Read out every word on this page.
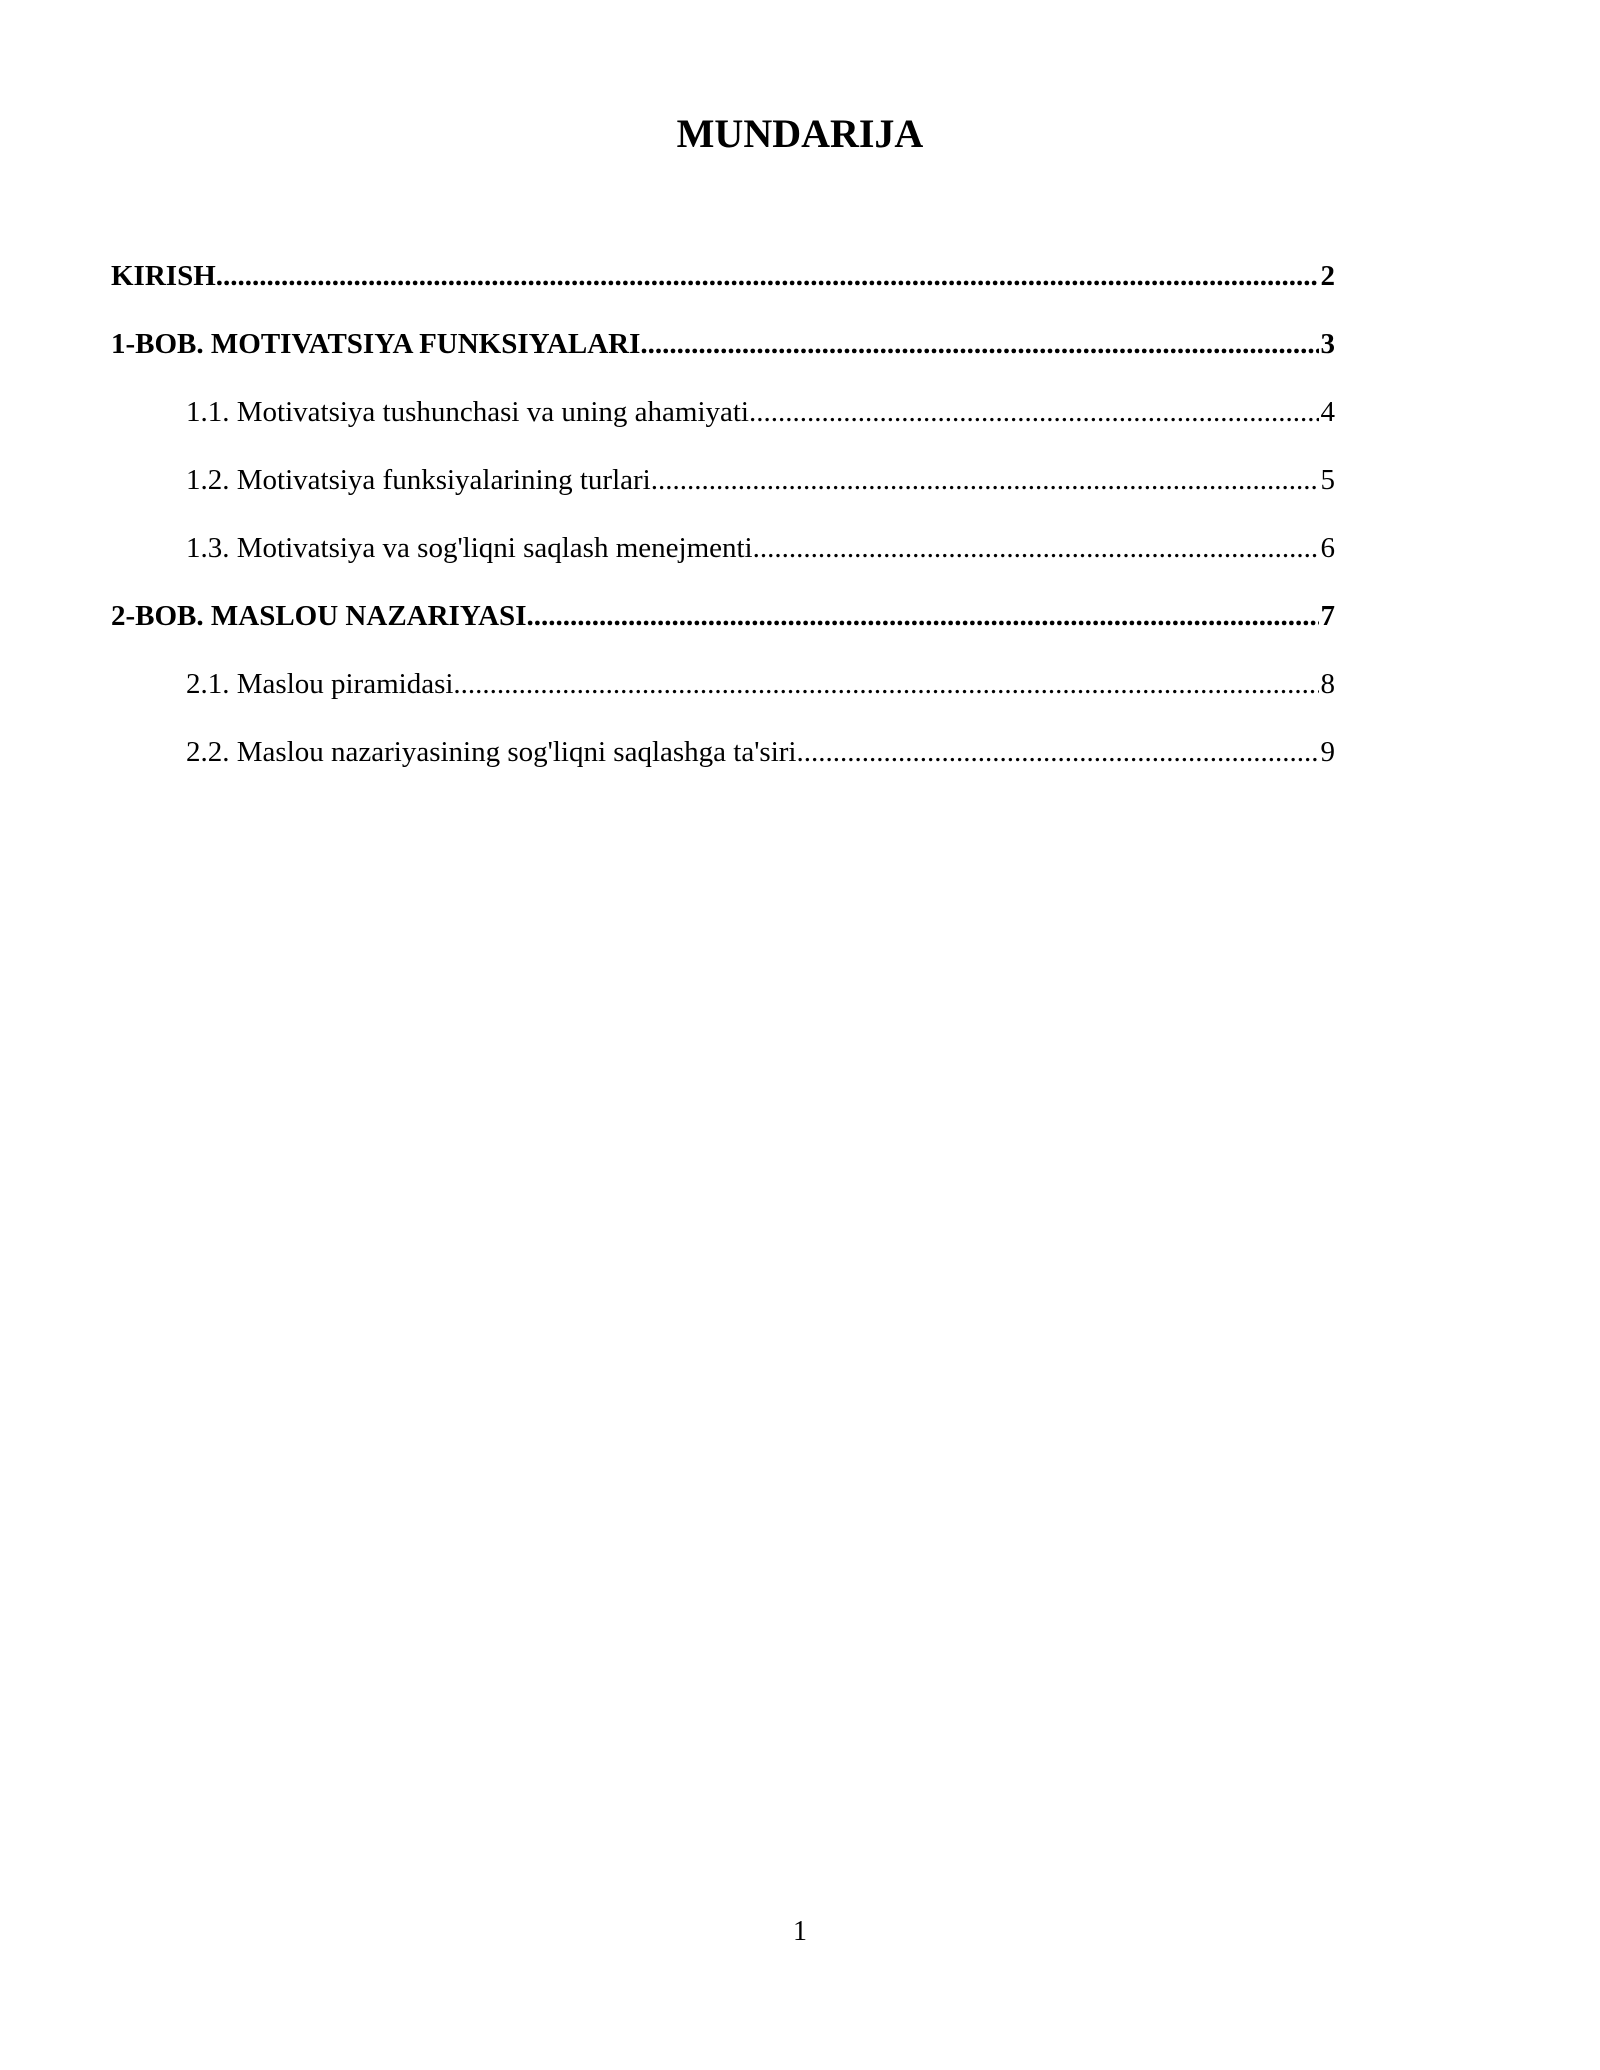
MUNDARIJA
KIRISH .....	2
1-BOB. MOTIVATSIYA FUNKSIYALARI .....	3
1.1. Motivatsiya tushunchasi va uning ahamiyati .....	4
1.2. Motivatsiya funksiyalarining turlari .....	5
1.3. Motivatsiya va sog'liqni saqlash menejmenti .....	6
2-BOB. MASLOU NAZARIYASI .....	7
2.1. Maslou piramidasi .....	8
2.2. Maslou nazariyasining sog'liqni saqlashga ta'siri .....	9
1
